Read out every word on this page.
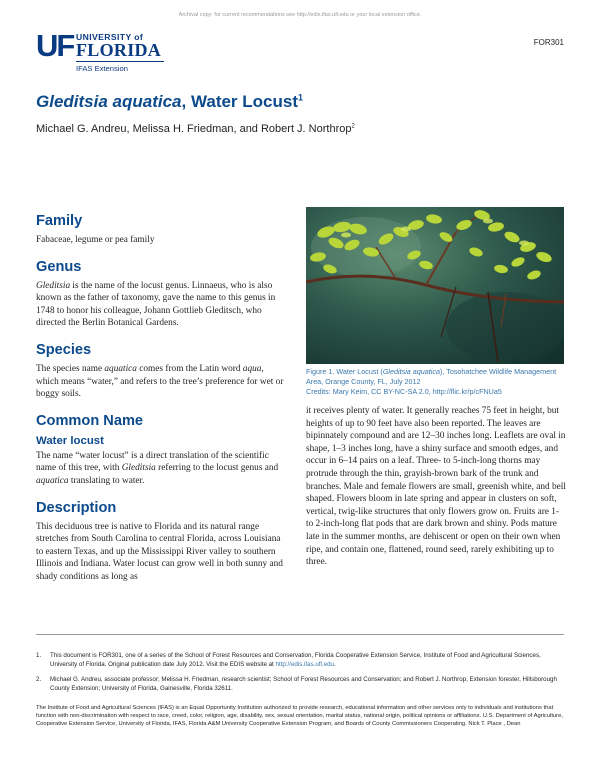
Archival copy: for current recommendations see http://edis.ifas.ufl.edu or your local extension office.
FOR301
UF UNIVERSITY of
FLORIDA
IFAS Extension
Gleditsia aquatica, Water Locust$^1$
Michael G. Andreu, Melissa H. Friedman, and Robert J. Northrop$^2$
Family

Fabaceae, legume or pea family

Genus

Gleditsia is the name of the locust genus. Linnaeus, who is also known as the father of taxonomy, gave the name to this genus in 1748 to honor his colleague, Johann Gottlieb Gleditsch, who directed the Berlin Botanical Gardens.

Species

The species name aquatica comes from the Latin word aqua, which means “water,” and refers to the tree’s preference for wet or boggy soils.

Common Name
Water locust

The name “water locust” is a direct translation of the scientific name of this tree, with Gleditsia referring to the locust genus and aquatica translating to water.

Description

This deciduous tree is native to Florida and its natural range stretches from South Carolina to central Florida, across Louisiana to eastern Texas, and up the Mississippi River valley to southern Illinois and Indiana. Water locust can grow well in both sunny and shady conditions as long as

Figure 1. Water Locust (Gleditsia aquatica), Tosohatchee Wildlife Management Area, Orange County, FL, July 2012
Credits: Mary Keim, CC BY-NC-SA 2.0, http://flic.kr/p/cFNUa5

it receives plenty of water. It generally reaches 75 feet in height, but heights of up to 90 feet have also been reported. The leaves are bipinnately compound and are 12–30 inches long. Leaflets are oval in shape, 1–3 inches long, have a shiny surface and smooth edges, and occur in 6–14 pairs on a leaf. Three- to 5-inch-long thorns may protrude through the thin, grayish-brown bark of the trunk and branches. Male and female flowers are small, greenish white, and bell shaped. Flowers bloom in late spring and appear in clusters on soft, vertical, twig-like structures that only flowers grow on. Fruits are 1- to 2-inch-long flat pods that are dark brown and shiny. Pods mature late in the summer months, are dehiscent or open on their own when ripe, and contain one, flattened, round seed, rarely exhibiting up to three.

1. This document is FOR301, one of a series of the School of Forest Resources and Conservation, Florida Cooperative Extension Service, Institute of Food and Agricultural Sciences, University of Florida. Original publication date July 2012. Visit the EDIS website at http://edis.ifas.ufl.edu.
2. Michael G. Andreu, associate professor; Melissa H. Friedman, research scientist; School of Forest Resources and Conservation; and Robert J. Northrop, Extension forester, Hillsborough County Extension; University of Florida, Gainesville, Florida 32611.
The Institute of Food and Agricultural Sciences (IFAS) is an Equal Opportunity Institution authorized to provide research, educational information and other services only to individuals and institutions that function with non-discrimination with respect to race, creed, color, religion, age, disability, sex, sexual orientation, marital status, national origin, political opinions or affiliations. U.S. Department of Agriculture, Cooperative Extension Service, University of Florida, IFAS, Florida A&M University Cooperative Extension Program, and Boards of County Commissioners Cooperating. Nick T. Place , Dean
